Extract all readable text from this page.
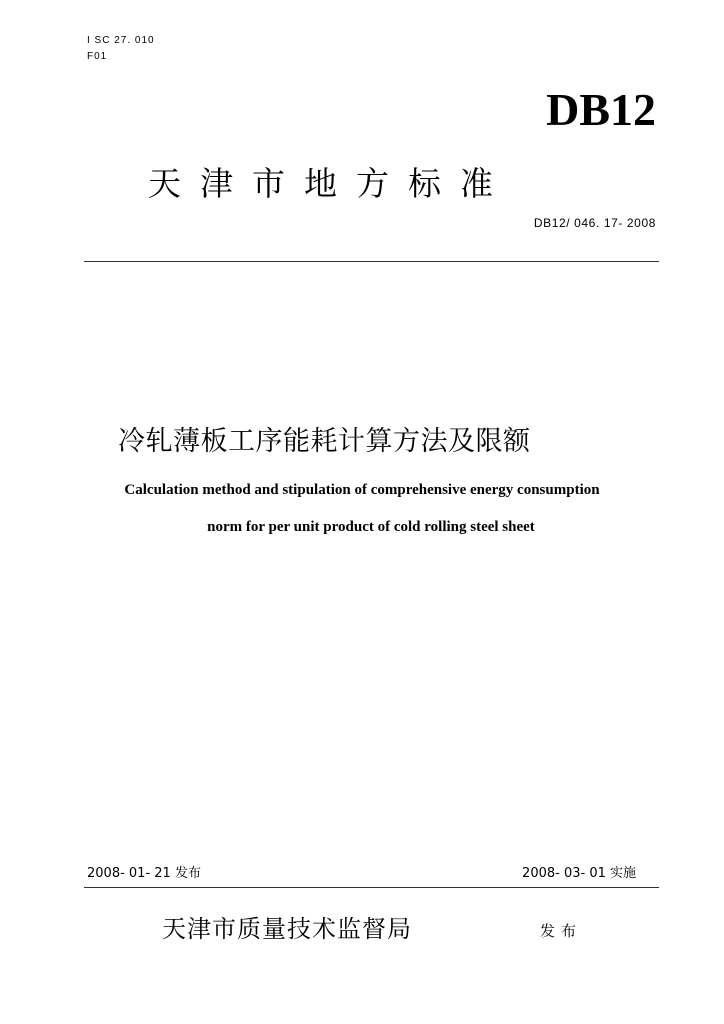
I SC 27. 010
F01
DB12
天津市地方标准
DB12/ 046. 17- 2008
冷轧薄板工序能耗计算方法及限额
Calculation method and stipulation of comprehensive energy consumption
norm for per unit product of cold rolling steel sheet
2008- 01- 21 发布	2008- 03- 01 实施
天津市质量技术监督局	发布
